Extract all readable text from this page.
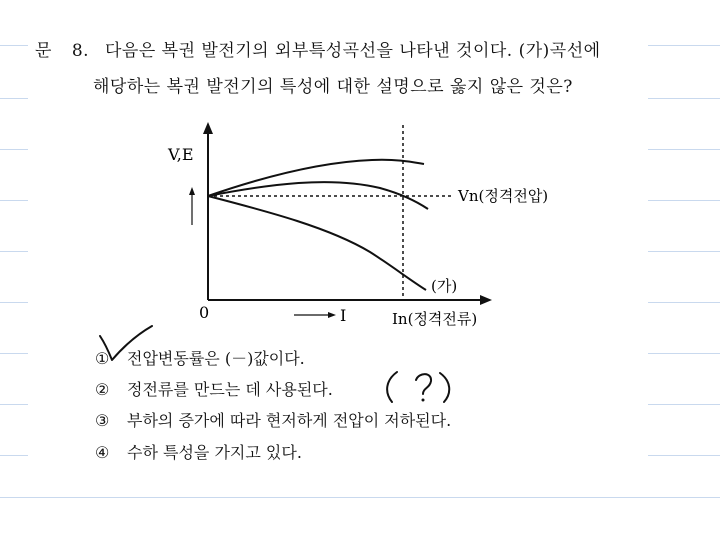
문 8. 다음은 복권 발전기의 외부특성곡선을 나타낸 것이다. (가)곡선에
해당하는 복권 발전기의 특성에 대한 설명으로 옳지 않은 것은?
V,E
0	I
Vn(정격전압)
In(정격전류)
(가)
① 전압변동률은 (－)값이다.
② 정전류를 만드는 데 사용된다.
③ 부하의 증가에 따라 현저하게 전압이 저하된다.
④ 수하 특성을 가지고 있다.
